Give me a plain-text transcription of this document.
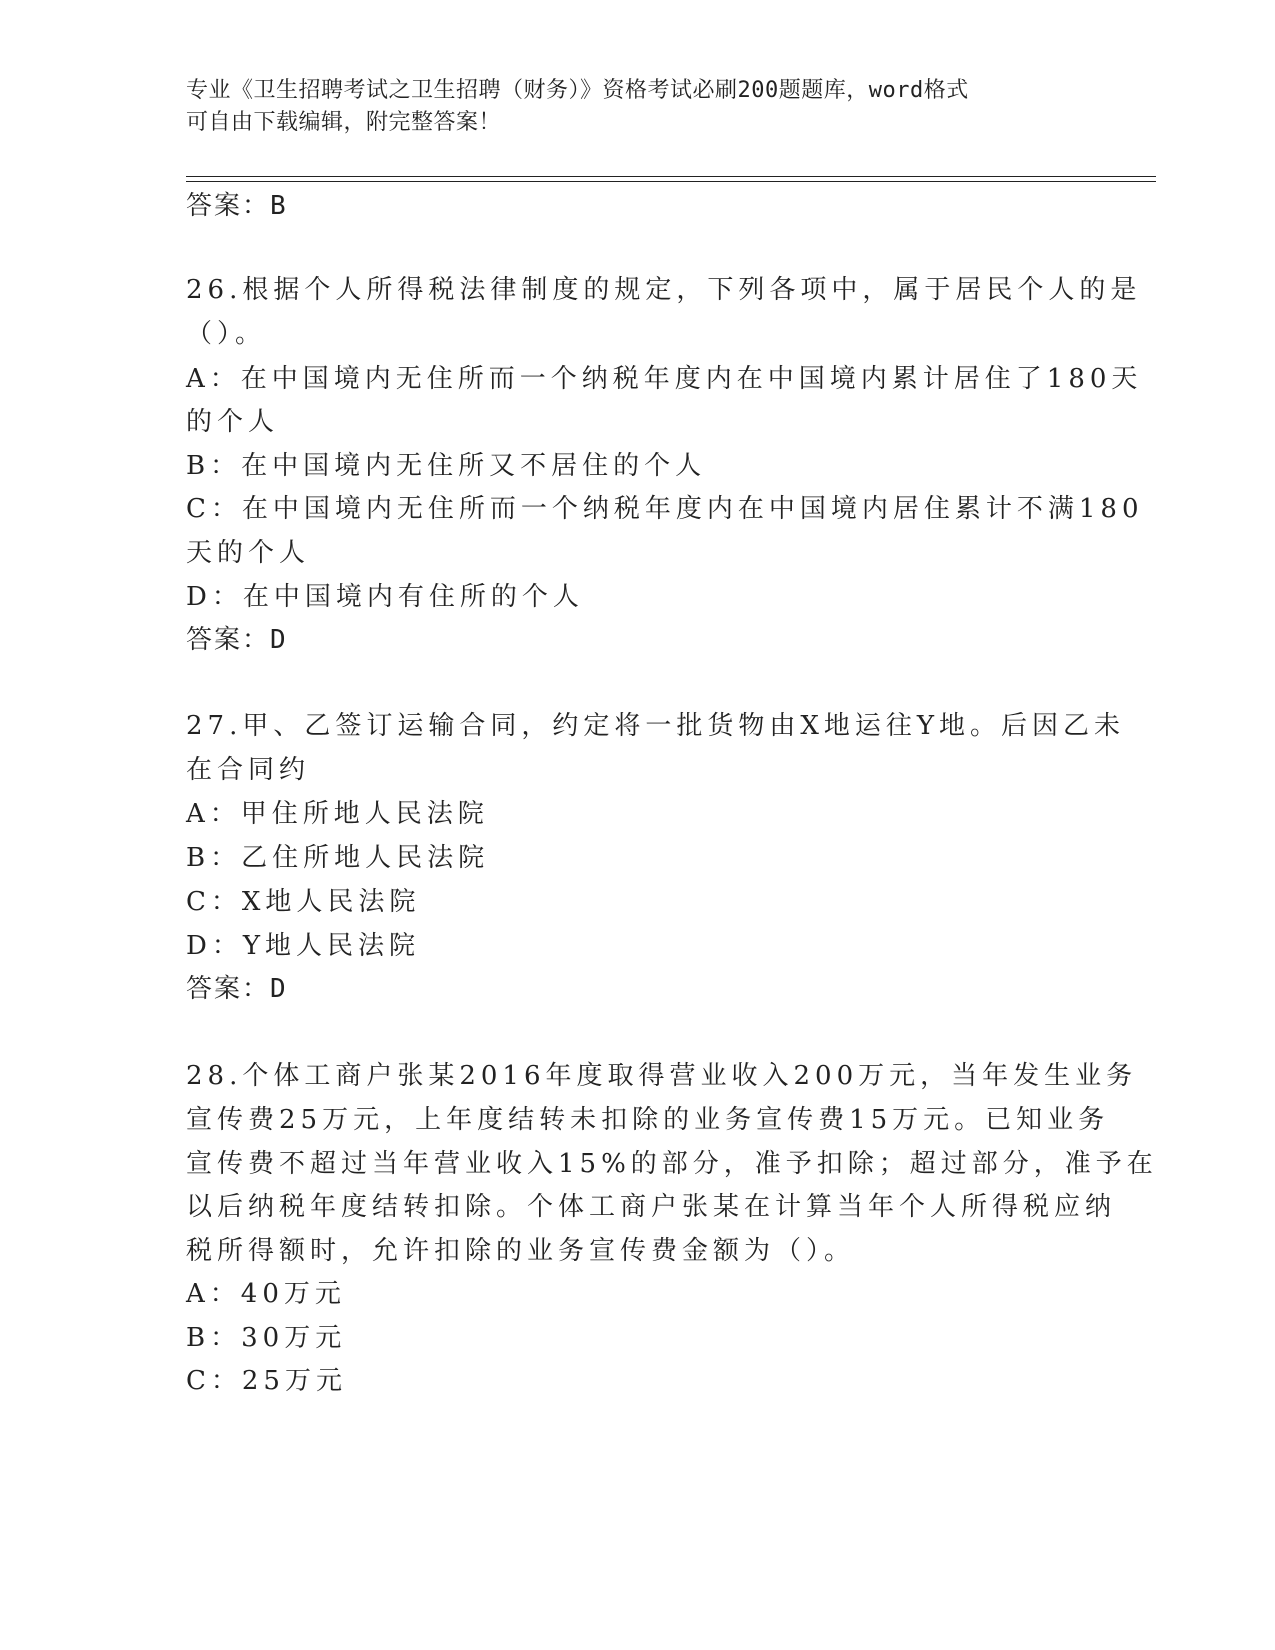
专业《卫生招聘考试之卫生招聘（财务）》资格考试必刷200题题库，word格式
可自由下载编辑，附完整答案！
答案：B
26.根据个人所得税法律制度的规定，下列各项中，属于居民个人的是
（）。
A：在中国境内无住所而一个纳税年度内在中国境内累计居住了180天
的个人
B：在中国境内无住所又不居住的个人
C：在中国境内无住所而一个纳税年度内在中国境内居住累计不满180
天的个人
D：在中国境内有住所的个人
答案：D
27.甲、乙签订运输合同，约定将一批货物由X地运往Y地。后因乙未
在合同约
A：甲住所地人民法院
B：乙住所地人民法院
C：X地人民法院
D：Y地人民法院
答案：D
28.个体工商户张某2016年度取得营业收入200万元，当年发生业务
宣传费25万元，上年度结转未扣除的业务宣传费15万元。已知业务
宣传费不超过当年营业收入15%的部分，准予扣除；超过部分，准予在
以后纳税年度结转扣除。个体工商户张某在计算当年个人所得税应纳
税所得额时，允许扣除的业务宣传费金额为（）。
A：40万元
B：30万元
C：25万元
